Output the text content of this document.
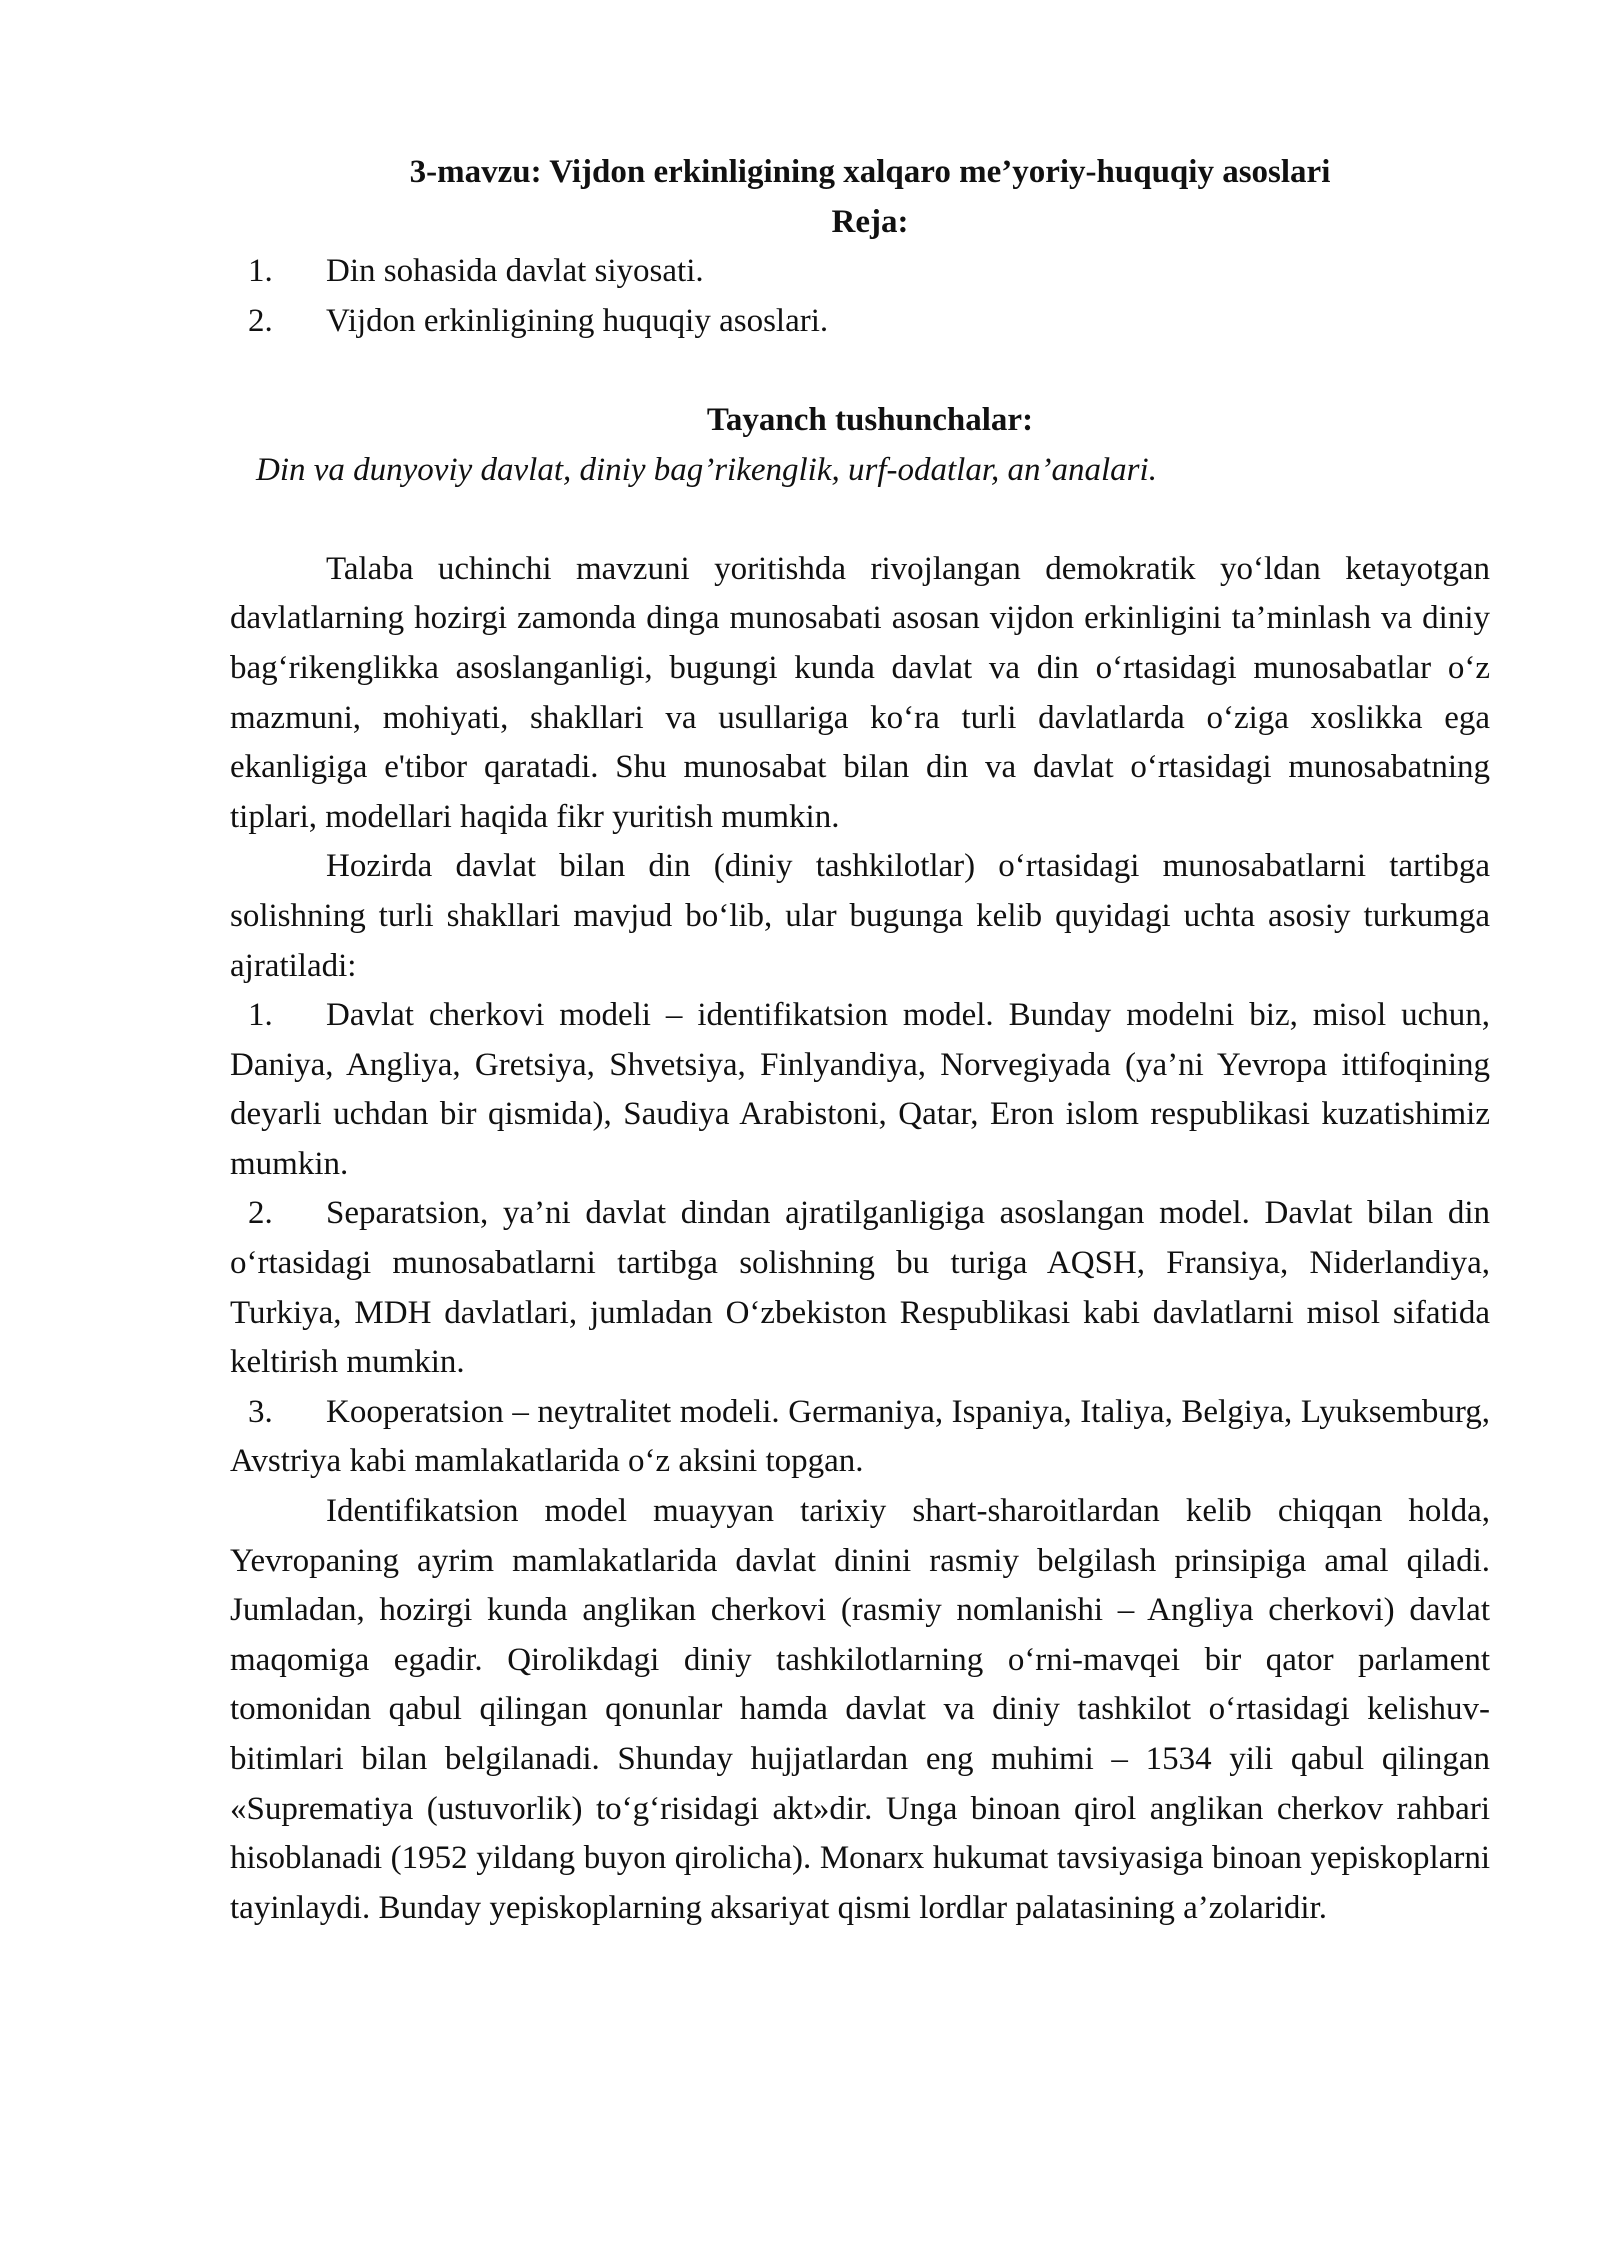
3-mavzu: Vijdon erkinligining xalqaro me’yoriy-huquqiy asoslari
Reja:
1. Din sohasida davlat siyosati.
2. Vijdon erkinligining huquqiy asoslari.
Tayanch tushunchalar:

Din va dunyoviy davlat, diniy bag’rikenglik, urf-odatlar, an’analari.

Talaba uchinchi mavzuni yoritishda rivojlangan demokratik yo‘ldan ketayotgan davlatlarning hozirgi zamonda dinga munosabati asosan vijdon erkinligini ta’minlash va diniy bag‘rikenglikka asoslanganligi, bugungi kunda davlat va din o‘rtasidagi munosabatlar o‘z mazmuni, mohiyati, shakllari va usullariga ko‘ra turli davlatlarda o‘ziga xoslikka ega ekanligiga e'tibor qaratadi. Shu munosabat bilan din va davlat o‘rtasidagi munosabatning tiplari, modellari haqida fikr yuritish mumkin.

Hozirda davlat bilan din (diniy tashkilotlar) o‘rtasidagi munosabatlarni tartibga solishning turli shakllari mavjud bo‘lib, ular bugunga kelib quyidagi uchta asosiy turkumga ajratiladi:

1. Davlat cherkovi modeli – identifikatsion model. Bunday modelni biz, misol uchun, Daniya, Angliya, Gretsiya, Shvetsiya, Finlyandiya, Norvegiyada (ya’ni Yevropa ittifoqining deyarli uchdan bir qismida), Saudiya Arabistoni, Qatar, Eron islom respublikasi kuzatishimiz mumkin.
2. Separatsion, ya’ni davlat dindan ajratilganligiga asoslangan model. Davlat bilan din o‘rtasidagi munosabatlarni tartibga solishning bu turiga AQSH, Fransiya, Niderlandiya, Turkiya, MDH davlatlari, jumladan O‘zbekiston Respublikasi kabi davlatlarni misol sifatida keltirish mumkin.
3. Kooperatsion – neytralitet modeli. Germaniya, Ispaniya, Italiya, Belgiya, Lyuksemburg, Avstriya kabi mamlakatlarida o‘z aksini topgan.

Identifikatsion model muayyan tarixiy shart-sharoitlardan kelib chiqqan holda, Yevropaning ayrim mamlakatlarida davlat dinini rasmiy belgilash prinsipiga amal qiladi. Jumladan, hozirgi kunda anglikan cherkovi (rasmiy nomlanishi – Angliya cherkovi) davlat maqomiga egadir. Qirolikdagi diniy tashkilotlarning o‘rni-mavqei bir qator parlament tomonidan qabul qilingan qonunlar hamda davlat va diniy tashkilot o‘rtasidagi kelishuv-bitimlari bilan belgilanadi. Shunday hujjatlardan eng muhimi – 1534 yili qabul qilingan «Suprematiya (ustuvorlik) to‘g‘risidagi akt»dir. Unga binoan qirol anglikan cherkov rahbari hisoblanadi (1952 yildang buyon qirolicha). Monarx hukumat tavsiyasiga binoan yepiskoplarni tayinlaydi. Bunday yepiskoplarning aksariyat qismi lordlar palatasining a’zolaridir.
